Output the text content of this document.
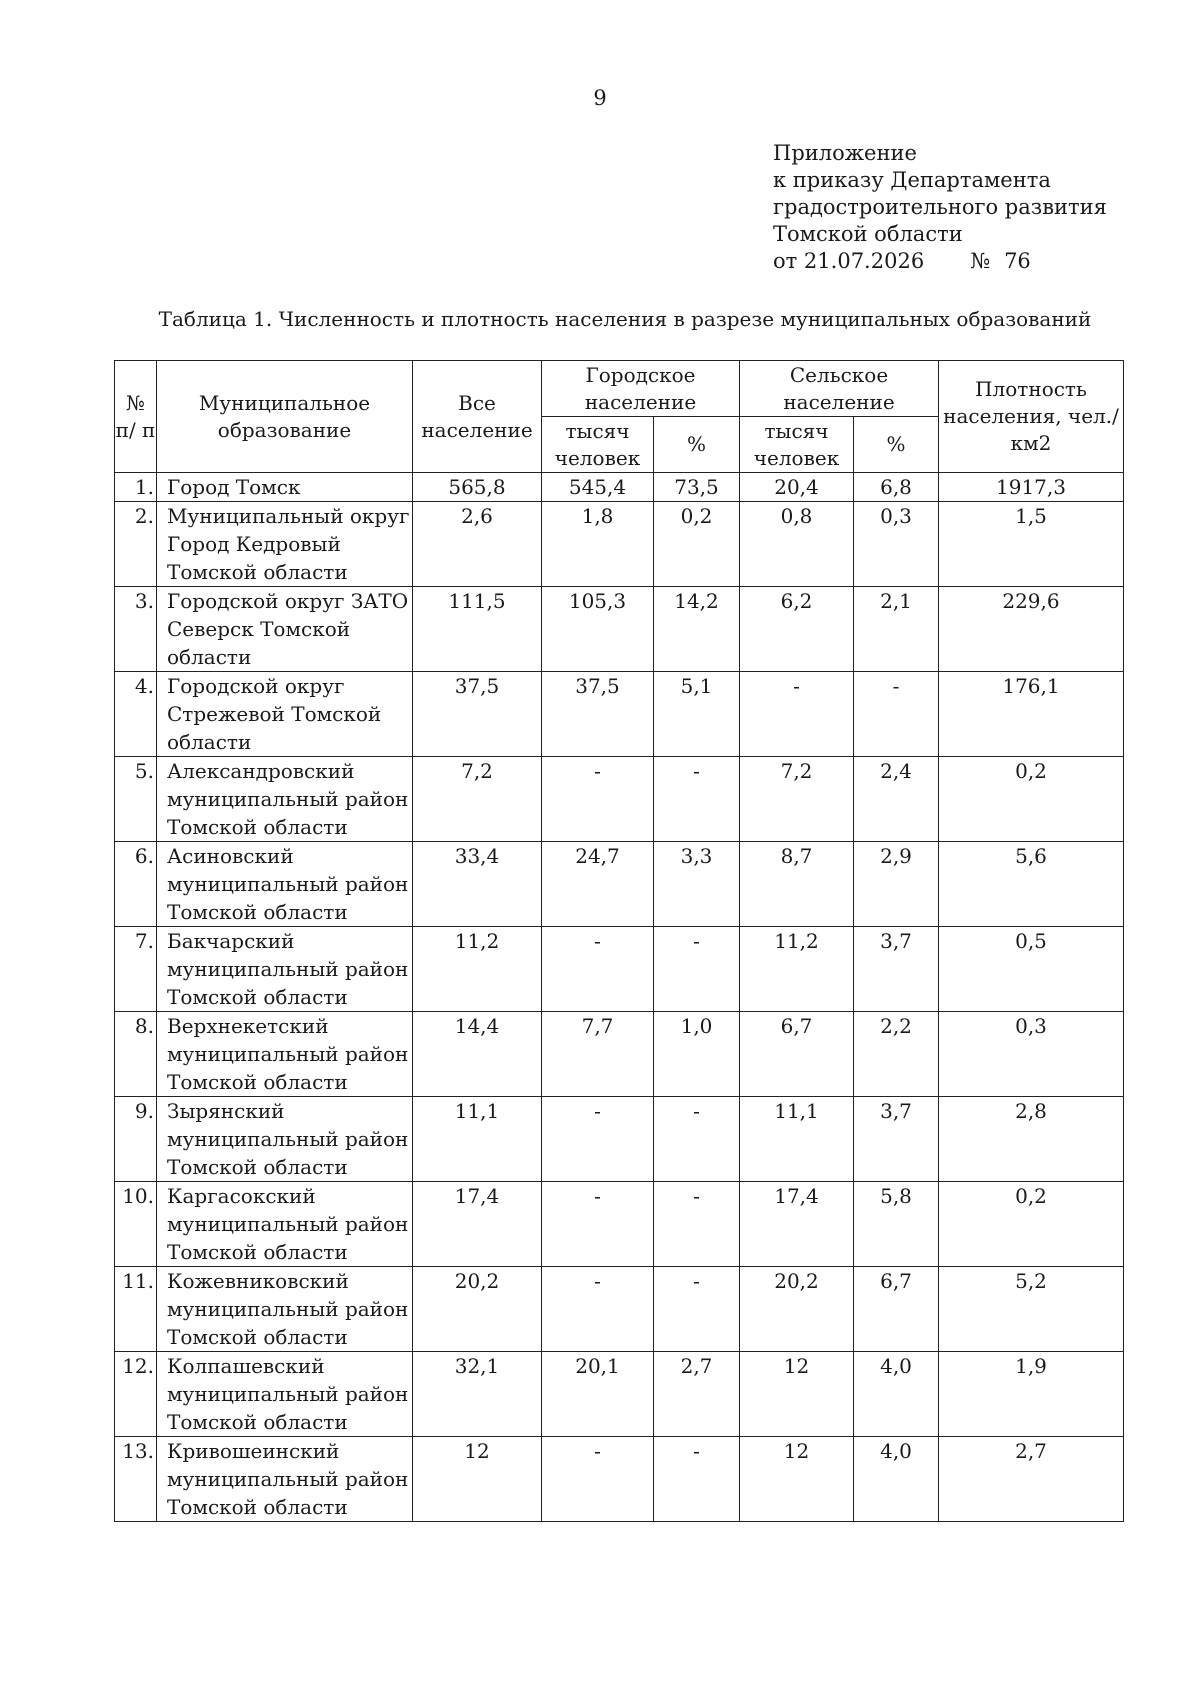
9
Приложение
к приказу Департамента
градостроительного развития
Томской области
от 21.07.2026 № 76
Таблица 1. Численность и плотность населения в разрезе муниципальных образований
№ п/ п	Муниципальное образование	Все население	Городское население		Сельское население		Плотность населения, чел./км2
			тысяч человек	%	тысяч человек	%	
1.	Город Томск	565,8	545,4	73,5	20,4	6,8	1917,3
2.	Муниципальный округ Город Кедровый Томской области	2,6	1,8	0,2	0,8	0,3	1,5
3.	Городской округ ЗАТО Северск Томской области	111,5	105,3	14,2	6,2	2,1	229,6
4.	Городской округ Стрежевой Томской области	37,5	37,5	5,1	-	-	176,1
5.	Александровский муниципальный район Томской области	7,2	-	-	7,2	2,4	0,2
6.	Асиновский муниципальный район Томской области	33,4	24,7	3,3	8,7	2,9	5,6
7.	Бакчарский муниципальный район Томской области	11,2	-	-	11,2	3,7	0,5
8.	Верхнекетский муниципальный район Томской области	14,4	7,7	1,0	6,7	2,2	0,3
9.	Зырянский муниципальный район Томской области	11,1	-	-	11,1	3,7	2,8
10.	Каргасокский муниципальный район Томской области	17,4	-	-	17,4	5,8	0,2
11.	Кожевниковский муниципальный район Томской области	20,2	-	-	20,2	6,7	5,2
12.	Колпашевский муниципальный район Томской области	32,1	20,1	2,7	12	4,0	1,9
13.	Кривошеинский муниципальный район Томской области	12	-	-	12	4,0	2,7
